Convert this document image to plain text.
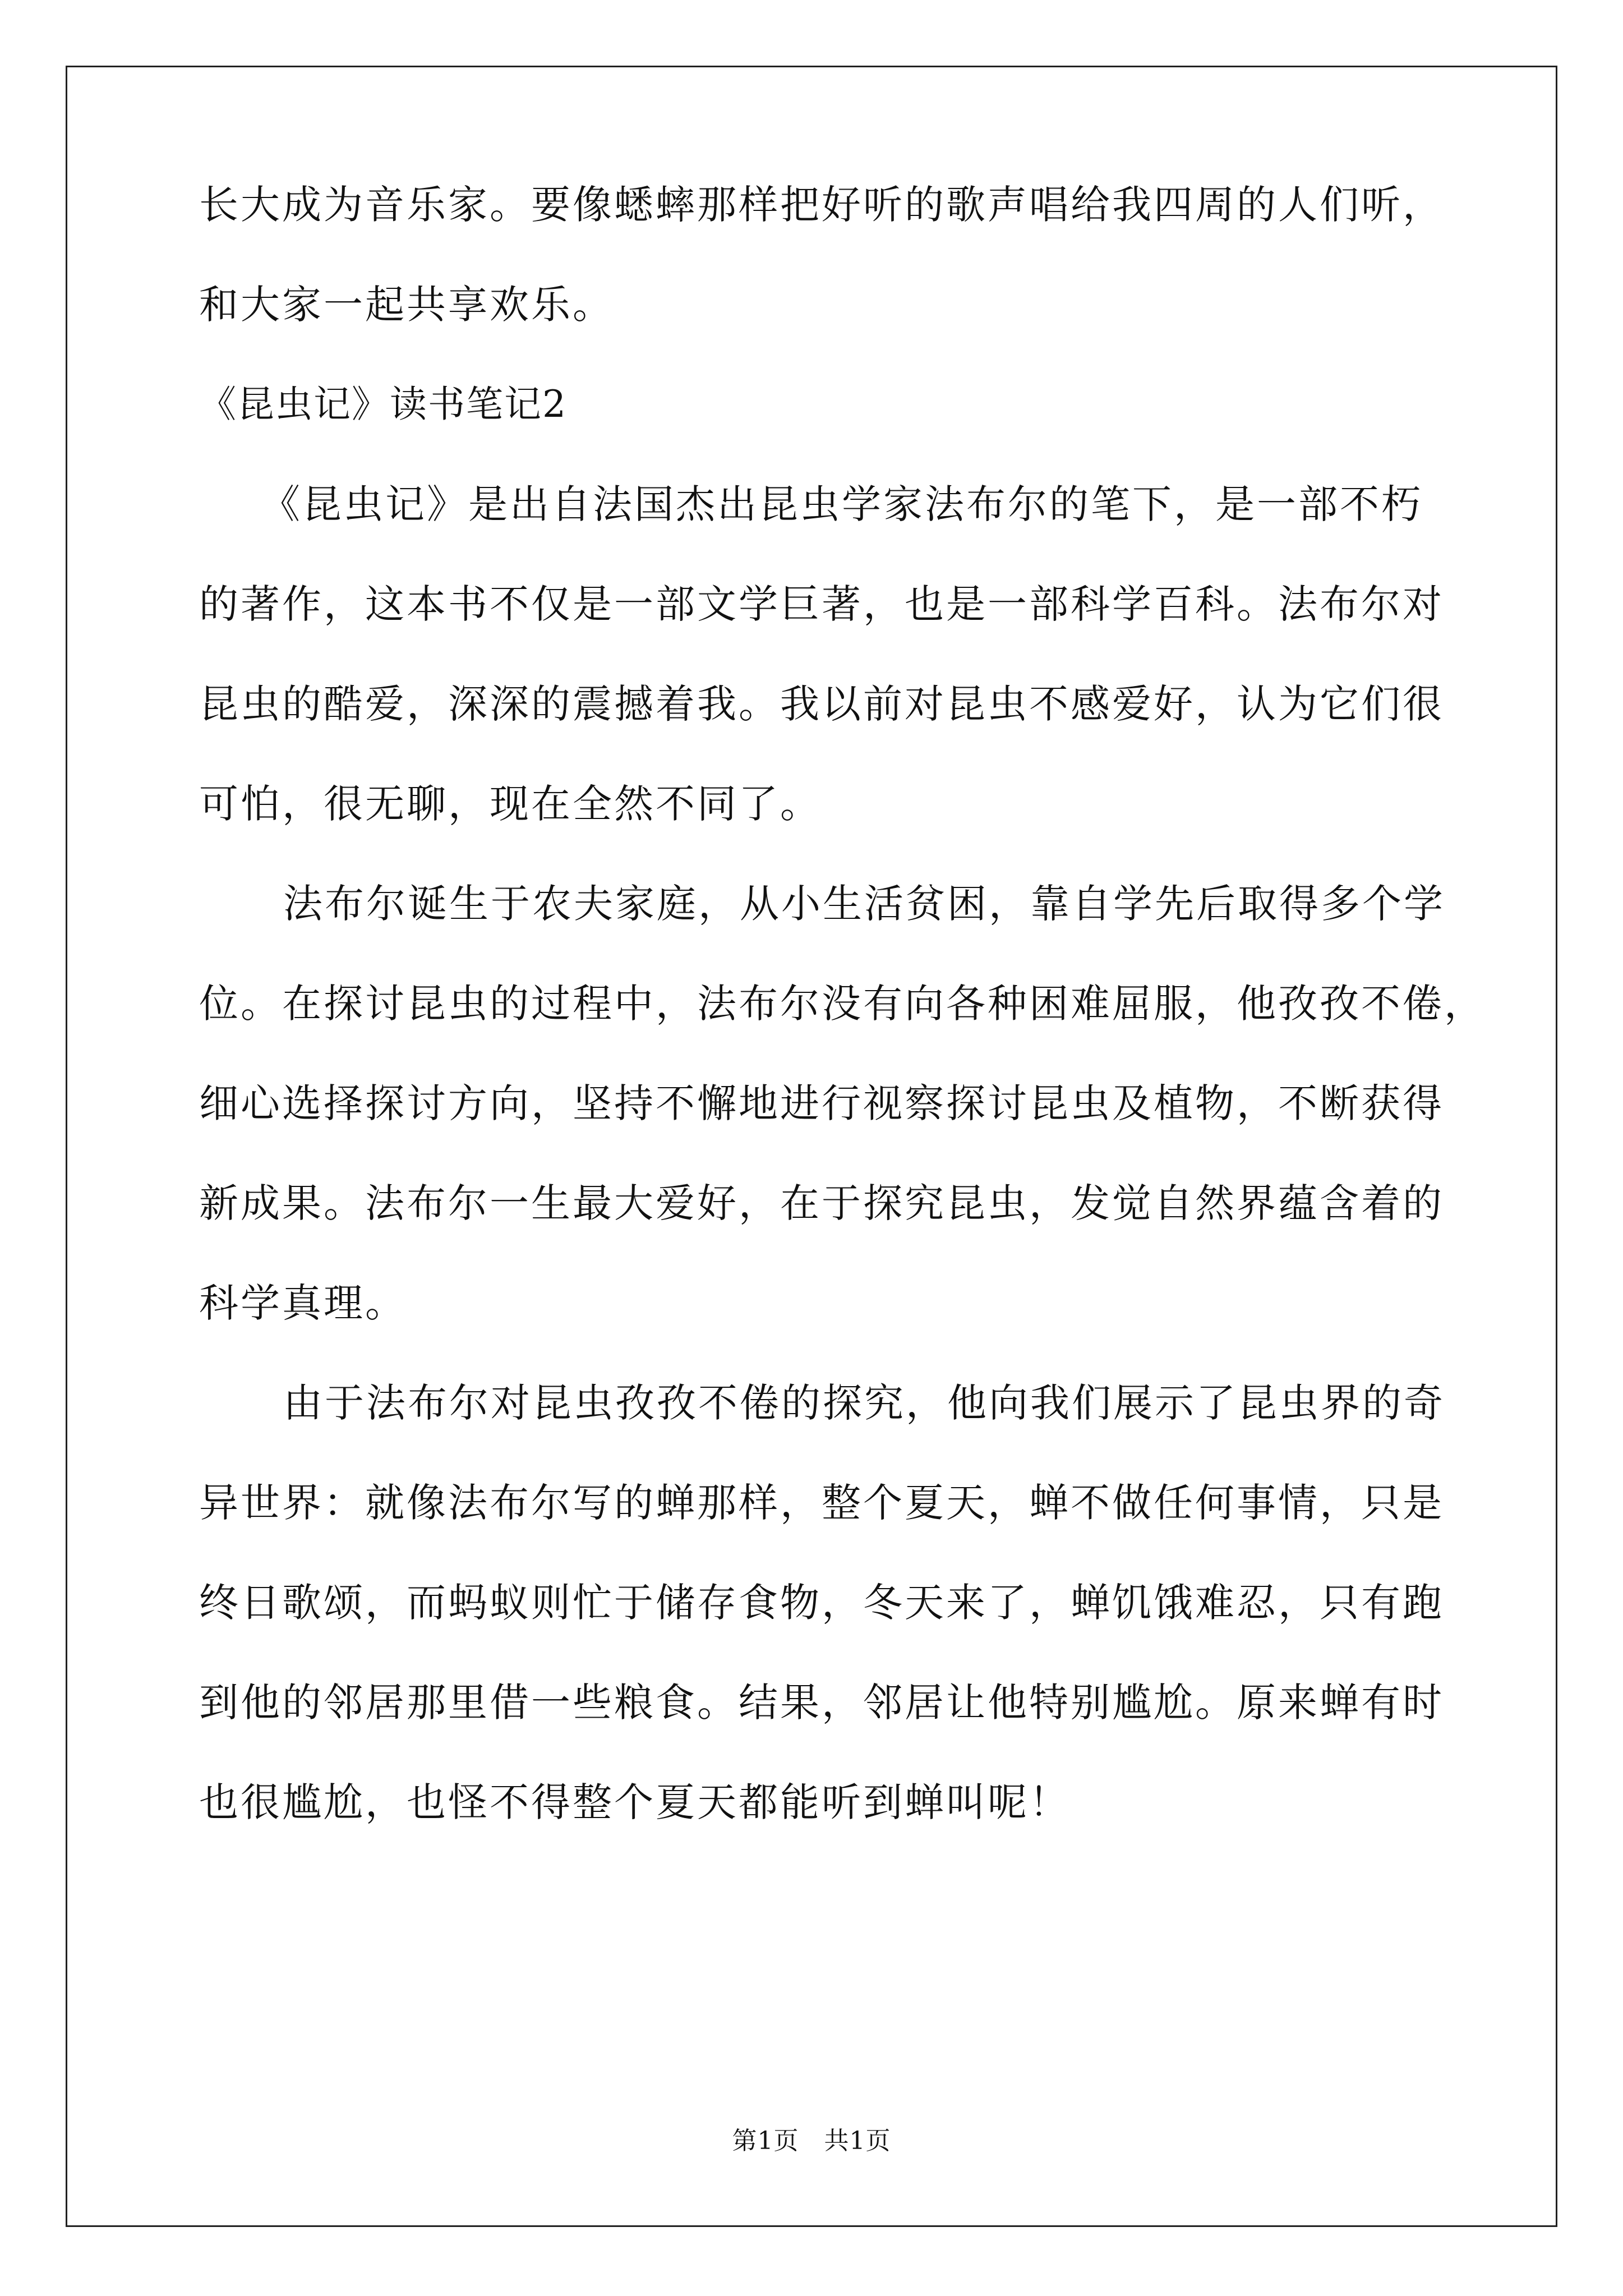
长大成为音乐家。要像蟋蟀那样把好听的歌声唱给我四周的人们听，
和大家一起共享欢乐。
《昆虫记》读书笔记2
《昆虫记》是出自法国杰出昆虫学家法布尔的笔下，是一部不朽
的著作，这本书不仅是一部文学巨著，也是一部科学百科。法布尔对
昆虫的酷爱，深深的震撼着我。我以前对昆虫不感爱好，认为它们很
可怕，很无聊，现在全然不同了。
法布尔诞生于农夫家庭，从小生活贫困，靠自学先后取得多个学
位。在探讨昆虫的过程中，法布尔没有向各种困难屈服，他孜孜不倦，
细心选择探讨方向，坚持不懈地进行视察探讨昆虫及植物，不断获得
新成果。法布尔一生最大爱好，在于探究昆虫，发觉自然界蕴含着的
科学真理。
由于法布尔对昆虫孜孜不倦的探究，他向我们展示了昆虫界的奇
异世界：就像法布尔写的蝉那样，整个夏天，蝉不做任何事情，只是
终日歌颂，而蚂蚁则忙于储存食物，冬天来了，蝉饥饿难忍，只有跑
到他的邻居那里借一些粮食。结果，邻居让他特别尴尬。原来蝉有时
也很尴尬，也怪不得整个夏天都能听到蝉叫呢！
第1页   共1页
